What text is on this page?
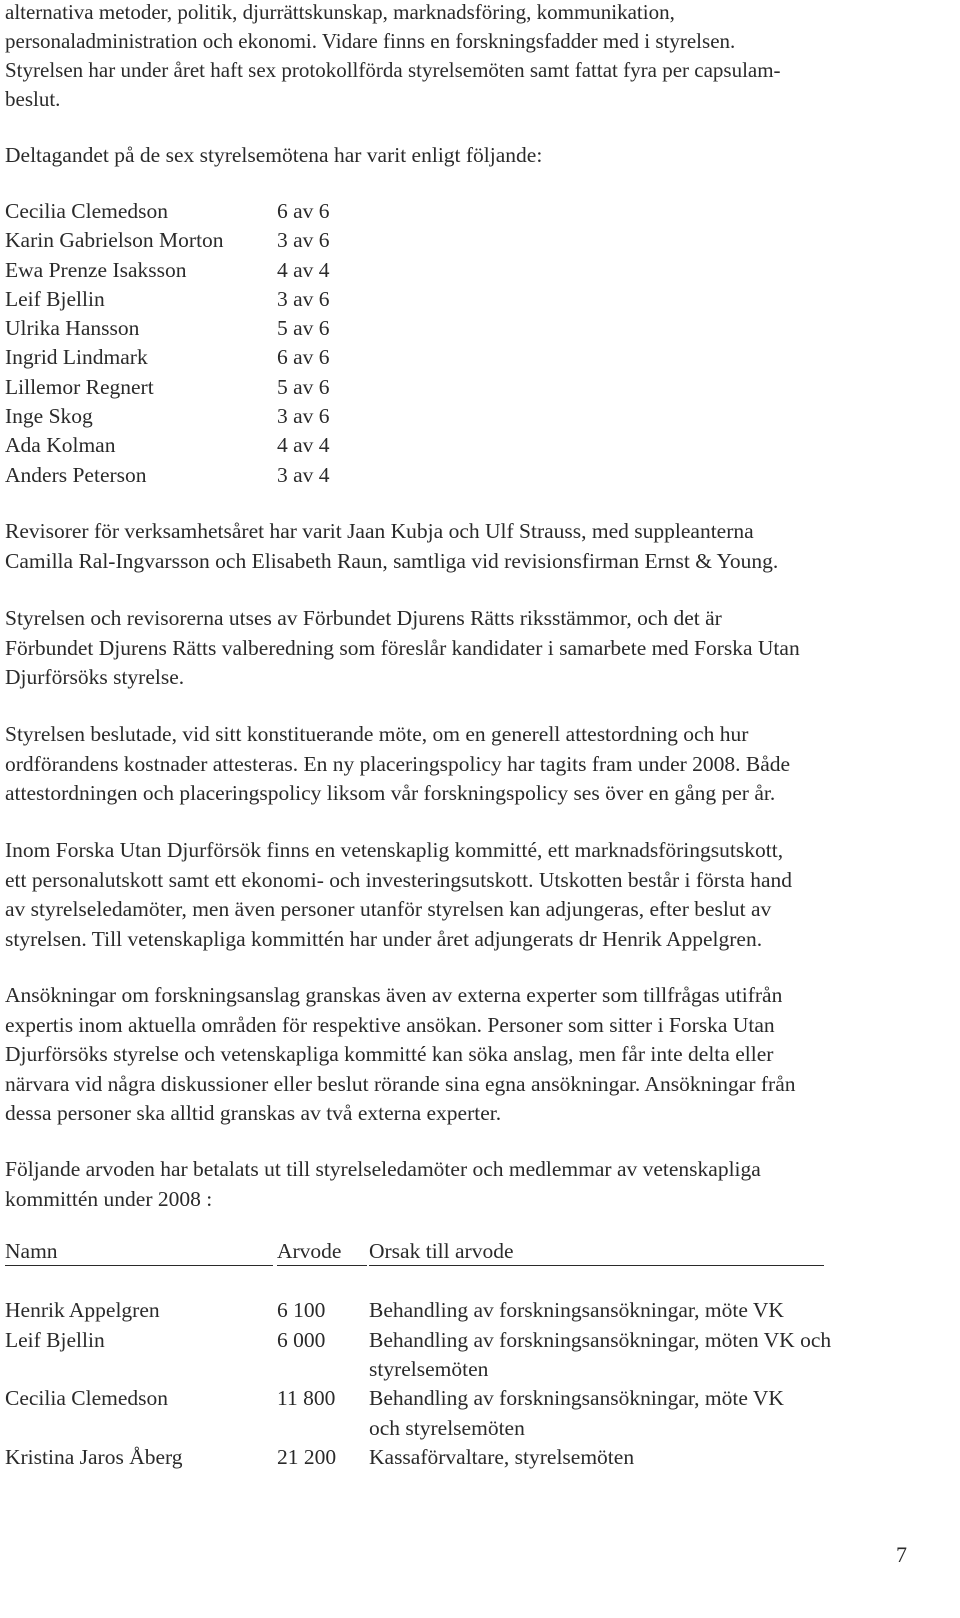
alternativa metoder, politik, djurrättskunskap, marknadsföring, kommunikation,
personaladministration och ekonomi. Vidare finns en forskningsfadder med i styrelsen.
Styrelsen har under året haft sex protokollförda styrelsemöten samt fattat fyra per capsulam-
beslut.

Deltagandet på de sex styrelsemötena har varit enligt följande:

Cecilia Clemedson	6 av 6
Karin Gabrielson Morton 3 av 6
Ewa Prenze Isaksson	4 av 4
Leif Bjellin	3 av 6
Ulrika Hansson	5 av 6
Ingrid Lindmark	6 av 6
Lillemor Regnert	5 av 6
Inge Skog	3 av 6
Ada Kolman	4 av 4
Anders Peterson	3 av 4
Revisorer för verksamhetsåret har varit Jaan Kubja och Ulf Strauss, med suppleanterna
Camilla Ral-Ingvarsson och Elisabeth Raun, samtliga vid revisionsfirman Ernst & Young.
Styrelsen och revisorerna utses av Förbundet Djurens Rätts riksstämmor, och det är
Förbundet Djurens Rätts valberedning som föreslår kandidater i samarbete med Forska Utan
Djurförsöks styrelse.
Styrelsen beslutade, vid sitt konstituerande möte, om en generell attestordning och hur
ordförandens kostnader attesteras. En ny placeringspolicy har tagits fram under 2008. Både
attestordningen och placeringspolicy liksom vår forskningspolicy ses över en gång per år.
Inom Forska Utan Djurförsök finns en vetenskaplig kommitté, ett marknadsföringsutskott,
ett personalutskott samt ett ekonomi- och investeringsutskott. Utskotten består i första hand
av styrelseledamöter, men även personer utanför styrelsen kan adjungeras, efter beslut av
styrelsen. Till vetenskapliga kommittén har under året adjungerats dr Henrik Appelgren.
Ansökningar om forskningsanslag granskas även av externa experter som tillfrågas utifrån
expertis inom aktuella områden för respektive ansökan. Personer som sitter i Forska Utan
Djurförsöks styrelse och vetenskapliga kommitté kan söka anslag, men får inte delta eller
närvara vid några diskussioner eller beslut rörande sina egna ansökningar. Ansökningar från
dessa personer ska alltid granskas av två externa experter.
Följande arvoden har betalats ut till styrelseledamöter och medlemmar av vetenskapliga
kommittén under 2008 :
Namn	Arvode	Orsak till arvode
Henrik Appelgren	6 100 Behandling av forskningsansökningar, möte VK
Leif Bjellin	6 000 Behandling av forskningsansökningar, möten VK och
styrelsemöten
Cecilia Clemedson	11 800 Behandling av forskningsansökningar, möte VK
och styrelsemöten
Kristina Jaros Åberg	21 200 Kassaförvaltare, styrelsemöten
7
